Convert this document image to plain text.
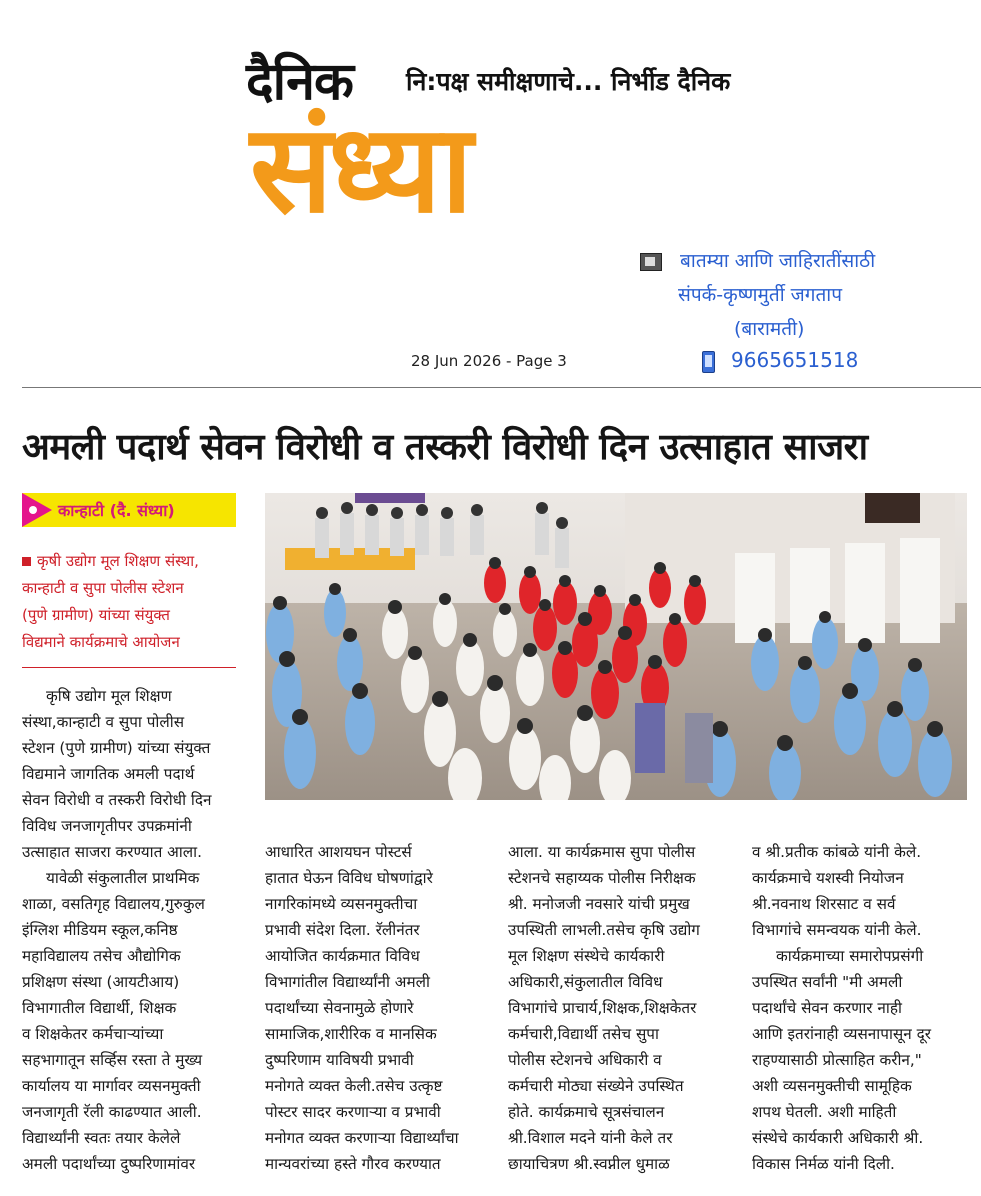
दैनिक नि:पक्ष समीक्षणाचे... निर्भीड दैनिक
संध्या
बातम्या आणि जाहिरातींसाठी
संपर्क-कृष्णमुर्ती जगताप
(बारामती)
9665651518
28 Jun 2026 - Page 3
अमली पदार्थ सेवन विरोधी व तस्करी विरोधी दिन उत्साहात साजरा
कान्हाटी (दै. संध्या)
कृषी उद्योग मूल शिक्षण संस्था,
कान्हाटी व सुपा पोलीस स्टेशन
(पुणे ग्रामीण) यांच्या संयुक्त
विद्यमाने कार्यक्रमाचे आयोजन
कृषि उद्योग मूल शिक्षण
संस्था,कान्हाटी व सुपा पोलीस
स्टेशन (पुणे ग्रामीण) यांच्या संयुक्त
विद्यमाने जागतिक अमली पदार्थ
सेवन विरोधी व तस्करी विरोधी दिन
विविध जनजागृतीपर उपक्रमांनी
उत्साहात साजरा करण्यात आला.
यावेळी संकुलातील प्राथमिक
शाळा, वसतिगृह विद्यालय,गुरुकुल
इंग्लिश मीडियम स्कूल,कनिष्ठ
महाविद्यालय तसेच औद्योगिक
प्रशिक्षण संस्था (आयटीआय)
विभागातील विद्यार्थी, शिक्षक
व शिक्षकेतर कर्मचाऱ्यांच्या
सहभागातून सर्व्हिस रस्ता ते मुख्य
कार्यालय या मार्गावर व्यसनमुक्ती
जनजागृती रॅली काढण्यात आली.
विद्यार्थ्यांनी स्वतः तयार केलेले
अमली पदार्थांच्या दुष्परिणामांवर
आधारित आशयघन पोस्टर्स
हातात घेऊन विविध घोषणांद्वारे
नागरिकांमध्ये व्यसनमुक्तीचा
प्रभावी संदेश दिला. रॅलीनंतर
आयोजित कार्यक्रमात विविध
विभागांतील विद्यार्थ्यांनी अमली
पदार्थांच्या सेवनामुळे होणारे
सामाजिक,शारीरिक व मानसिक
दुष्परिणाम याविषयी प्रभावी
मनोगते व्यक्त केली.तसेच उत्कृष्ट
पोस्टर सादर करणाऱ्या व प्रभावी
मनोगत व्यक्त करणाऱ्या विद्यार्थ्यांचा
मान्यवरांच्या हस्ते गौरव करण्यात
आला. या कार्यक्रमास सुपा पोलीस
स्टेशनचे सहाय्यक पोलीस निरीक्षक
श्री. मनोजजी नवसारे यांची प्रमुख
उपस्थिती लाभली.तसेच कृषि उद्योग
मूल शिक्षण संस्थेचे कार्यकारी
अधिकारी,संकुलातील विविध
विभागांचे प्राचार्य,शिक्षक,शिक्षकेतर
कर्मचारी,विद्यार्थी तसेच सुपा
पोलीस स्टेशनचे अधिकारी व
कर्मचारी मोठ्या संख्येने उपस्थित
होते. कार्यक्रमाचे सूत्रसंचालन
श्री.विशाल मदने यांनी केले तर
छायाचित्रण श्री.स्वप्नील धुमाळ
व श्री.प्रतीक कांबळे यांनी केले.
कार्यक्रमाचे यशस्वी नियोजन
श्री.नवनाथ शिरसाट व सर्व
विभागांचे समन्वयक यांनी केले.
कार्यक्रमाच्या समारोपप्रसंगी
उपस्थित सर्वांनी "मी अमली
पदार्थांचे सेवन करणार नाही
आणि इतरांनाही व्यसनापासून दूर
राहण्यासाठी प्रोत्साहित करीन,"
अशी व्यसनमुक्तीची सामूहिक
शपथ घेतली. अशी माहिती
संस्थेचे कार्यकारी अधिकारी श्री.
विकास निर्मळ यांनी दिली.
